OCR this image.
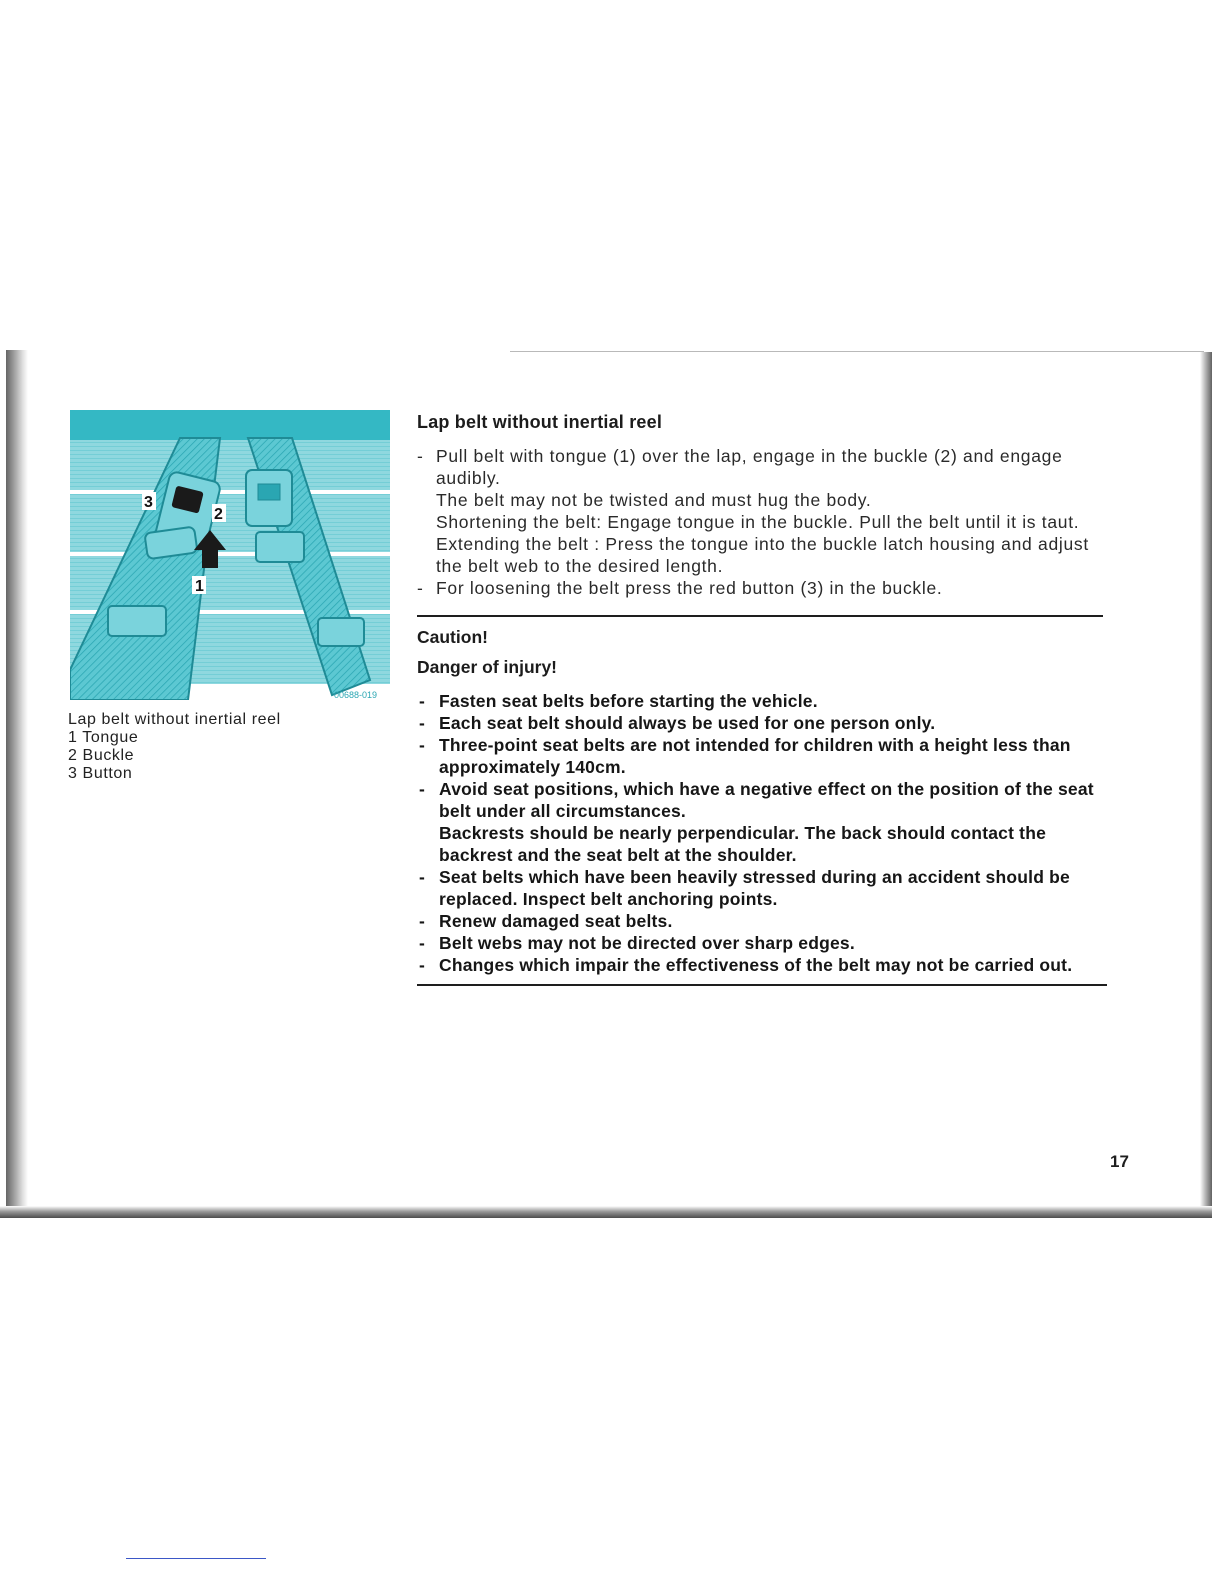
3
2
1
00688-019
Lap belt without inertial reel
1 Tongue
2 Buckle
3 Button
Lap belt without inertial reel
- Pull belt with tongue (1) over the lap, engage in the buckle (2) and engage audibly.
The belt may not be twisted and must hug the body.
Shortening the belt: Engage tongue in the buckle. Pull the belt until it is taut.
Extending the belt : Press the tongue into the buckle latch housing and adjust the belt web to the desired length.
- For loosening the belt press the red button (3) in the buckle.
Caution!
Danger of injury!
- Fasten seat belts before starting the vehicle.
- Each seat belt should always be used for one person only.
- Three-point seat belts are not intended for children with a height less than approximately 140cm.
- Avoid seat positions, which have a negative effect on the position of the seat belt under all circumstances.
Backrests should be nearly perpendicular. The back should contact the backrest and the seat belt at the shoulder.
- Seat belts which have been heavily stressed during an accident should be replaced. Inspect belt anchoring points.
- Renew damaged seat belts.
- Belt webs may not be directed over sharp edges.
- Changes which impair the effectiveness of the belt may not be carried out.
17
